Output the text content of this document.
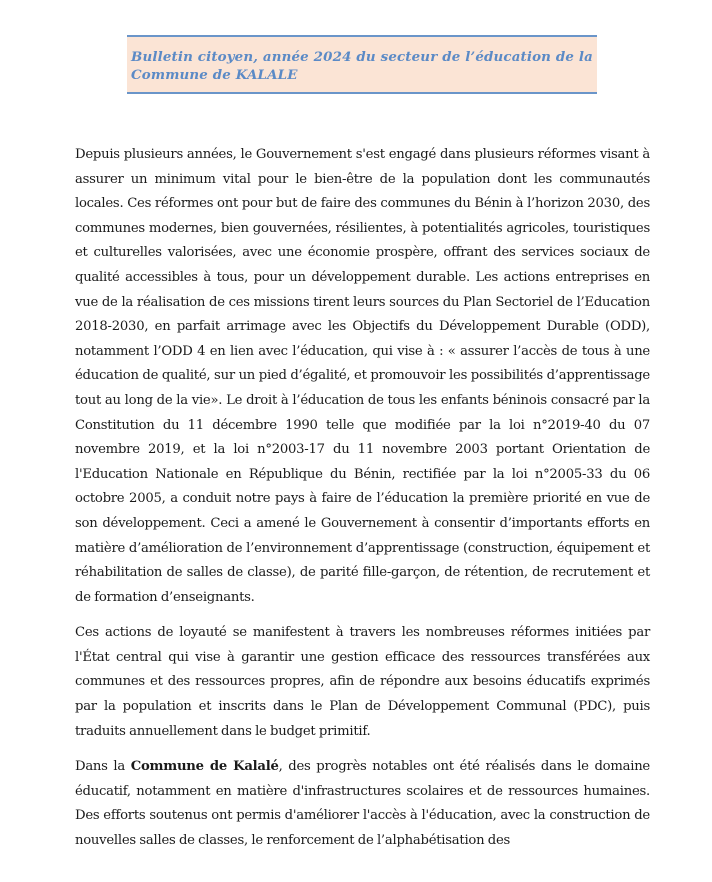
Bulletin citoyen, année 2024 du secteur de l’éducation de la Commune de KALALE

Depuis plusieurs années, le Gouvernement s'est engagé dans plusieurs réformes visant à assurer un minimum vital pour le bien-être de la population dont les communautés locales. Ces réformes ont pour but de faire des communes du Bénin à l’horizon 2030, des communes modernes, bien gouvernées, résilientes, à potentialités agricoles, touristiques et culturelles valorisées, avec une économie prospère, offrant des services sociaux de qualité accessibles à tous, pour un développement durable. Les actions entreprises en vue de la réalisation de ces missions tirent leurs sources du Plan Sectoriel de l’Education 2018-2030, en parfait arrimage avec les Objectifs du Développement Durable (ODD), notamment l’ODD 4 en lien avec l’éducation, qui vise à : « assurer l’accès de tous à une éducation de qualité, sur un pied d’égalité, et promouvoir les possibilités d’apprentissage tout au long de la vie». Le droit à l’éducation de tous les enfants béninois consacré par la Constitution du 11 décembre 1990 telle que modifiée par la loi n°2019-40 du 07 novembre 2019, et la loi n°2003-17 du 11 novembre 2003 portant Orientation de l'Education Nationale en République du Bénin, rectifiée par la loi n°2005-33 du 06 octobre 2005, a conduit notre pays à faire de l’éducation la première priorité en vue de son développement. Ceci a amené le Gouvernement à consentir d’importants efforts en matière d’amélioration de l’environnement d’apprentissage (construction, équipement et réhabilitation de salles de classe), de parité fille-garçon, de rétention, de recrutement et de formation d’enseignants.

Ces actions de loyauté se manifestent à travers les nombreuses réformes initiées par l'État central qui vise à garantir une gestion efficace des ressources transférées aux communes et des ressources propres, afin de répondre aux besoins éducatifs exprimés par la population et inscrits dans le Plan de Développement Communal (PDC), puis traduits annuellement dans le budget primitif.

Dans la Commune de Kalalé, des progrès notables ont été réalisés dans le domaine éducatif, notamment en matière d'infrastructures scolaires et de ressources humaines. Des efforts soutenus ont permis d'améliorer l'accès à l'éducation, avec la construction de nouvelles salles de classes, le renforcement de l’alphabétisation des
